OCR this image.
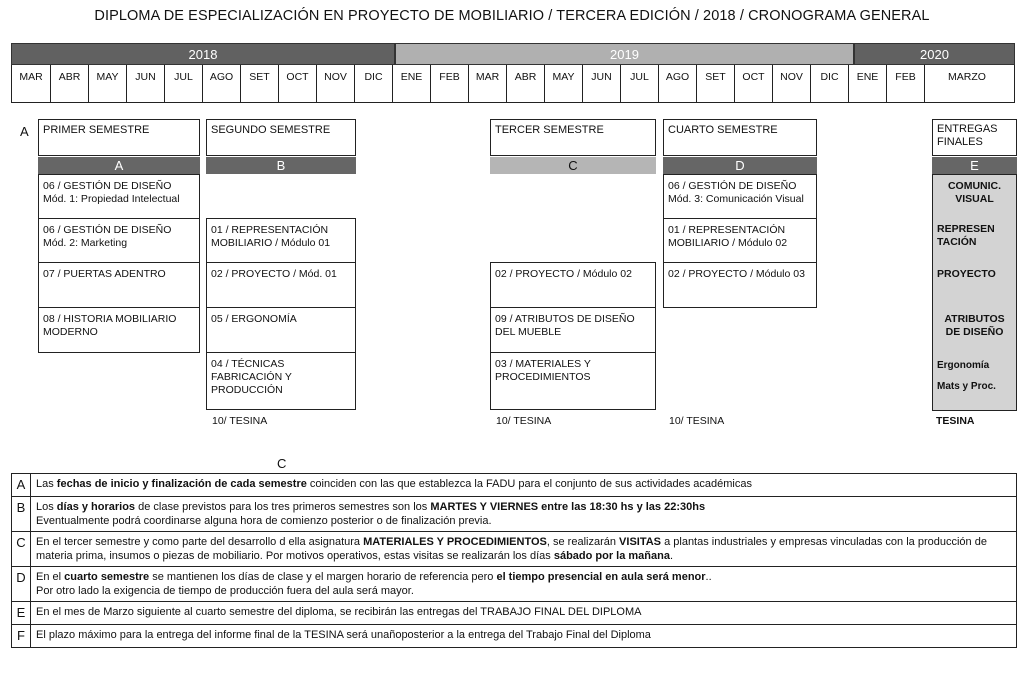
DIPLOMA DE ESPECIALIZACIÓN EN PROYECTO DE MOBILIARIO / TERCERA EDICIÓN / 2018 / CRONOGRAMA GENERAL
2018	2019	2020
MAR	ABR	MAY	JUN	JUL	AGO	SET	OCT	NOV	DIC	ENE	FEB	MAR	ABR	MAY	JUN	JUL	AGO	SET	OCT	NOV	DIC	ENE	FEB	MARZO
A	PRIMER SEMESTRE
A
06 / GESTIÓN DE DISEÑO
Mód. 1: Propiedad Intelectual
06 / GESTIÓN DE DISEÑO
Mód. 2: Marketing
07 / PUERTAS ADENTRO
08 / HISTORIA MOBILIARIO
MODERNO
SEGUNDO SEMESTRE
B
01 / REPRESENTACIÓN
MOBILIARIO / Módulo 01
02 / PROYECTO / Mód. 01
05 / ERGONOMÍA
04 / TÉCNICAS
FABRICACIÓN Y
PRODUCCIÓN
10/ TESINA
TERCER SEMESTRE
C
02 / PROYECTO / Módulo 02
09 / ATRIBUTOS DE DISEÑO
DEL MUEBLE
03 / MATERIALES Y
PROCEDIMIENTOS
10/ TESINA
CUARTO SEMESTRE
D
06 / GESTIÓN DE DISEÑO
Mód. 3: Comunicación Visual
01 / REPRESENTACIÓN
MOBILIARIO / Módulo 02
02 / PROYECTO / Módulo 03
10/ TESINA
ENTREGAS
FINALES
E
COMUNIC.
VISUAL
REPRESEN
TACIÓN
PROYECTO
ATRIBUTOS
DE DISEÑO
Ergonomía
Mats y Proc.
TESINA
C
A	Las fechas de inicio y finalización de cada semestre coinciden con las que establezca la FADU para el conjunto de sus actividades académicas
B	Los días y horarios de clase previstos para los tres primeros semestres son los MARTES Y VIERNES entre las 18:30 hs y las 22:30hs
Eventualmente podrá coordinarse alguna hora de comienzo posterior o de finalización previa.
C	En el tercer semestre y como parte del desarrollo d ella asignatura MATERIALES Y PROCEDIMIENTOS, se realizarán VISITAS a plantas industriales y empresas vinculadas con la producción de materia prima, insumos o piezas de mobiliario. Por motivos operativos, estas visitas se realizarán los días sábado por la mañana.
D	En el cuarto semestre se mantienen los días de clase y el margen horario de referencia pero el tiempo presencial en aula será menor..
Por otro lado la exigencia de tiempo de producción fuera del aula será mayor.
E	En el mes de Marzo siguiente al cuarto semestre del diploma, se recibirán las entregas del TRABAJO FINAL DEL DIPLOMA
F	El plazo máximo para la entrega del informe final de la TESINA será unañoposterior a la entrega del Trabajo Final del Diploma
